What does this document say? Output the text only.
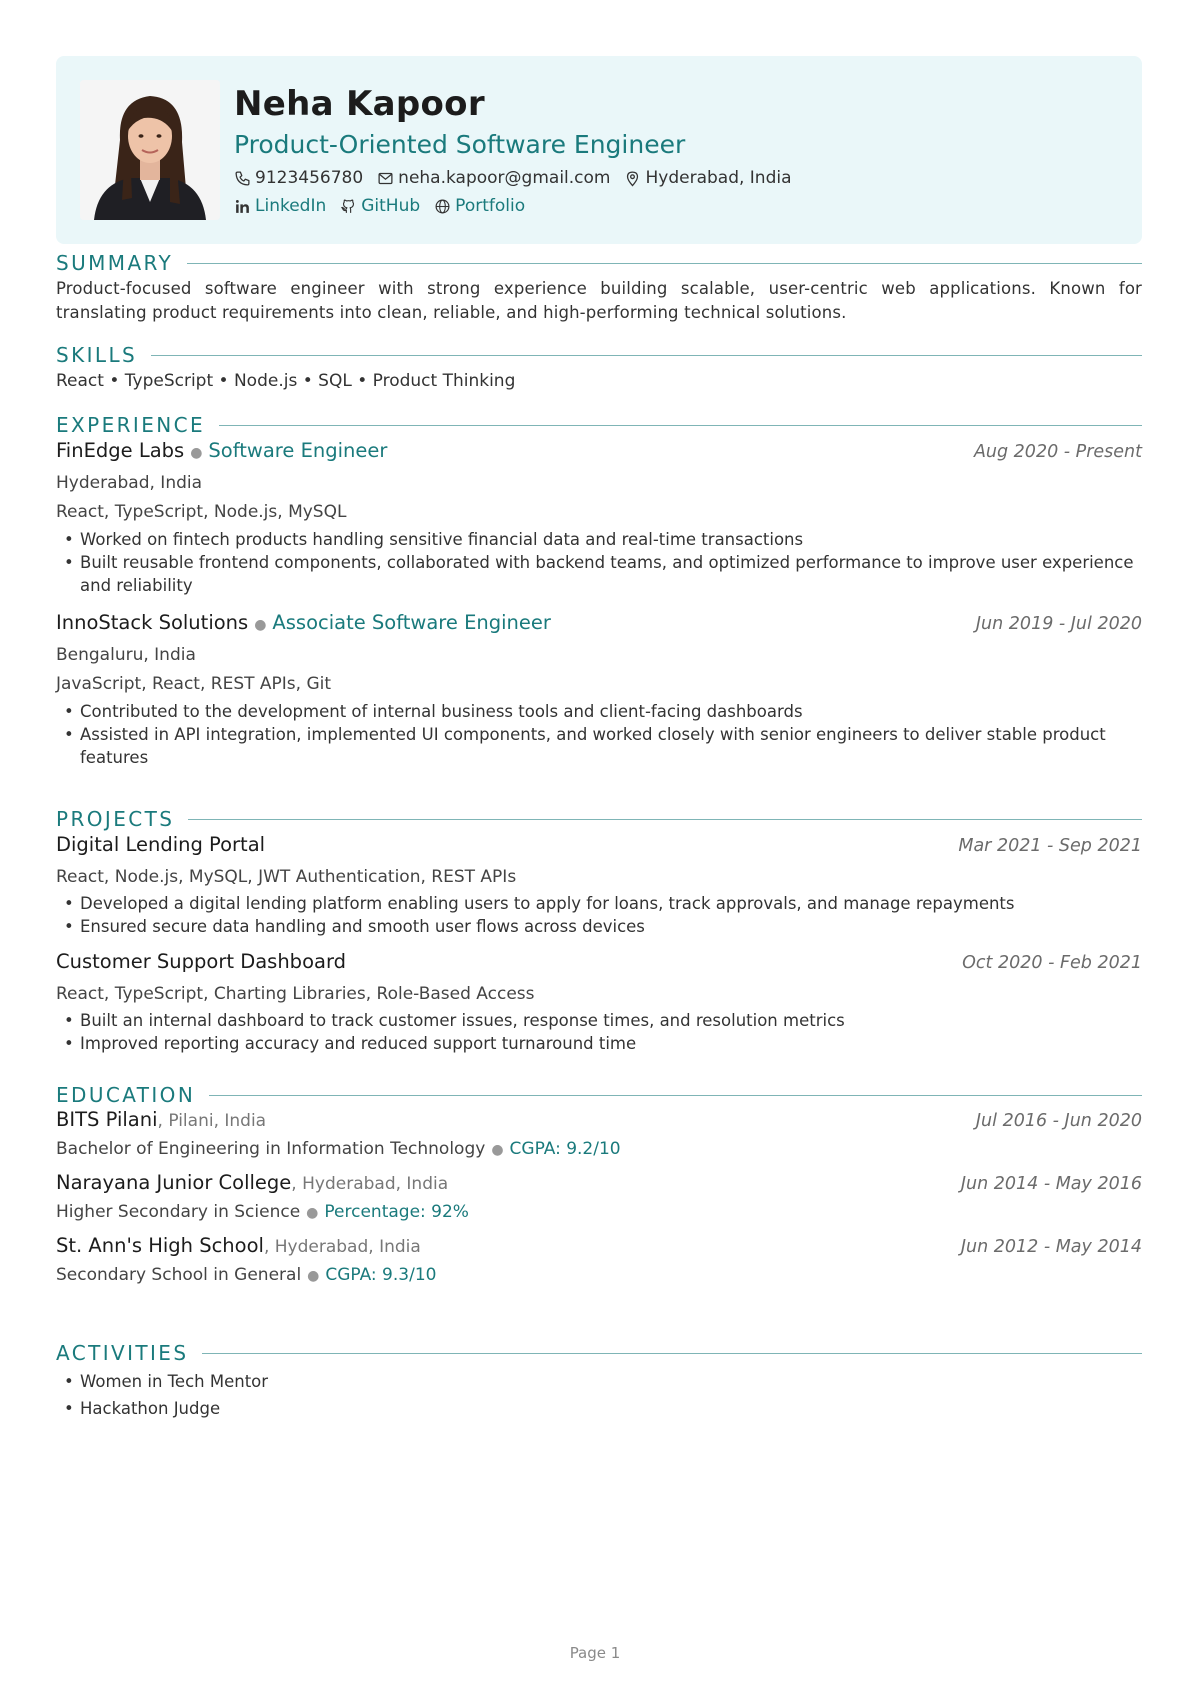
Neha Kapoor
Product-Oriented Software Engineer
9123456780 neha.kapoor@gmail.com Hyderabad, India
LinkedIn GitHub Portfolio
SUMMARY
Product-focused software engineer with strong experience building scalable, user-centric web applications. Known for translating product requirements into clean, reliable, and high-performing technical solutions.
SKILLS
React • TypeScript • Node.js • SQL • Product Thinking
EXPERIENCE
FinEdge Labs ● Software Engineer	Aug 2020 - Present
Hyderabad, India
React, TypeScript, Node.js, MySQL
• Worked on fintech products handling sensitive financial data and real-time transactions
• Built reusable frontend components, collaborated with backend teams, and optimized performance to improve user experience and reliability
InnoStack Solutions ● Associate Software Engineer	Jun 2019 - Jul 2020
Bengaluru, India
JavaScript, React, REST APIs, Git
• Contributed to the development of internal business tools and client-facing dashboards
• Assisted in API integration, implemented UI components, and worked closely with senior engineers to deliver stable product features
PROJECTS
Digital Lending Portal	Mar 2021 - Sep 2021
React, Node.js, MySQL, JWT Authentication, REST APIs
• Developed a digital lending platform enabling users to apply for loans, track approvals, and manage repayments
• Ensured secure data handling and smooth user flows across devices
Customer Support Dashboard	Oct 2020 - Feb 2021
React, TypeScript, Charting Libraries, Role-Based Access
• Built an internal dashboard to track customer issues, response times, and resolution metrics
• Improved reporting accuracy and reduced support turnaround time
EDUCATION
BITS Pilani, Pilani, India	Jul 2016 - Jun 2020
Bachelor of Engineering in Information Technology ● CGPA: 9.2/10
Narayana Junior College, Hyderabad, India	Jun 2014 - May 2016
Higher Secondary in Science ● Percentage: 92%
St. Ann's High School, Hyderabad, India	Jun 2012 - May 2014
Secondary School in General ● CGPA: 9.3/10
ACTIVITIES
• Women in Tech Mentor
• Hackathon Judge
Page 1
